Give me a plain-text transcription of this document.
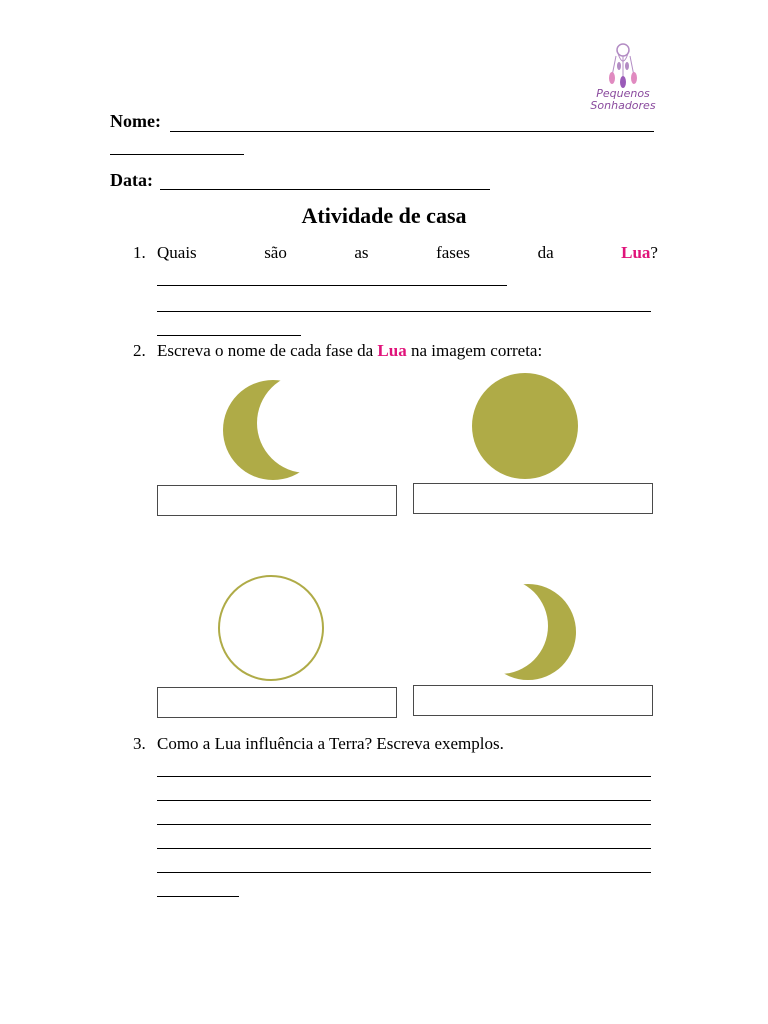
Pequenos
Sonhadores
Nome:
Data:
Atividade de casa
1. Quais	são	as	fases	da	Lua?
2. Escreva o nome de cada fase da Lua na imagem correta:
3. Como a Lua influência a Terra? Escreva exemplos.
